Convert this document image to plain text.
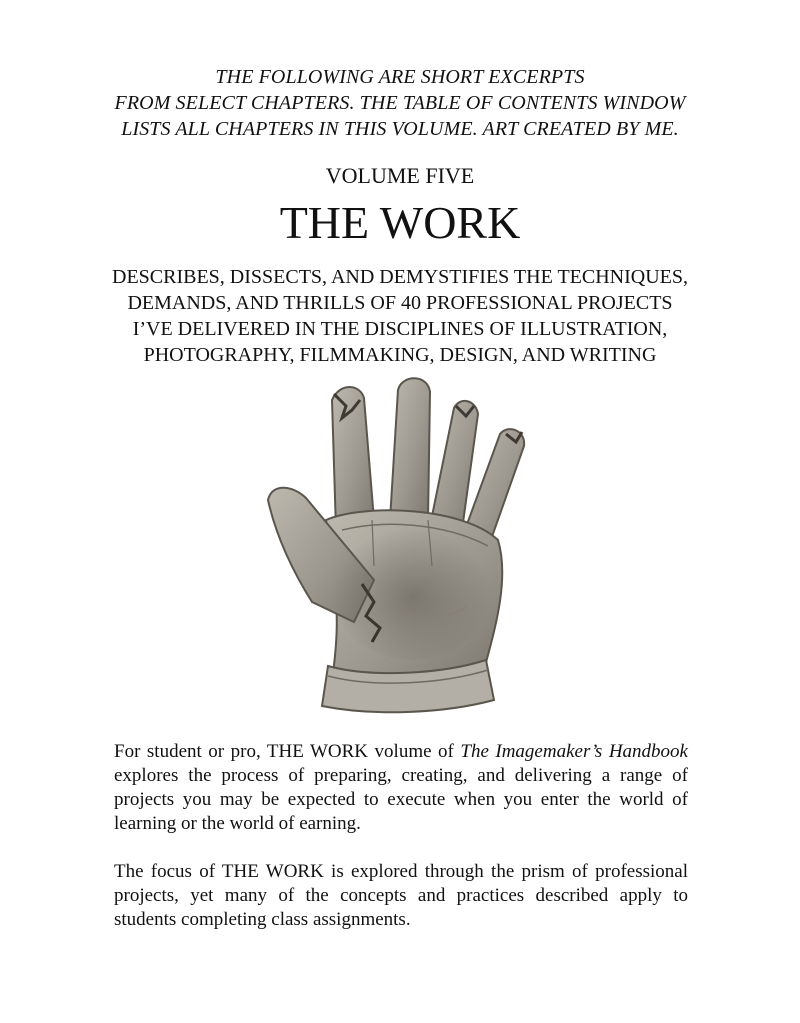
THE FOLLOWING ARE SHORT EXCERPTS
FROM SELECT CHAPTERS. THE TABLE OF CONTENTS WINDOW
LISTS ALL CHAPTERS IN THIS VOLUME. ART CREATED BY ME.
VOLUME FIVE
THE WORK
DESCRIBES, DISSECTS, AND DEMYSTIFIES THE TECHNIQUES,
DEMANDS, AND THRILLS OF 40 PROFESSIONAL PROJECTS
I’VE DELIVERED IN THE DISCIPLINES OF ILLUSTRATION,
PHOTOGRAPHY, FILMMAKING, DESIGN, AND WRITING

For student or pro, THE WORK volume of The Imagemaker’s Handbook explores the process of preparing, creating, and delivering a range of projects you may be expected to execute when you enter the world of learning or the world of earning.

The focus of THE WORK is explored through the prism of professional projects, yet many of the concepts and practices described apply to students completing class assignments.
